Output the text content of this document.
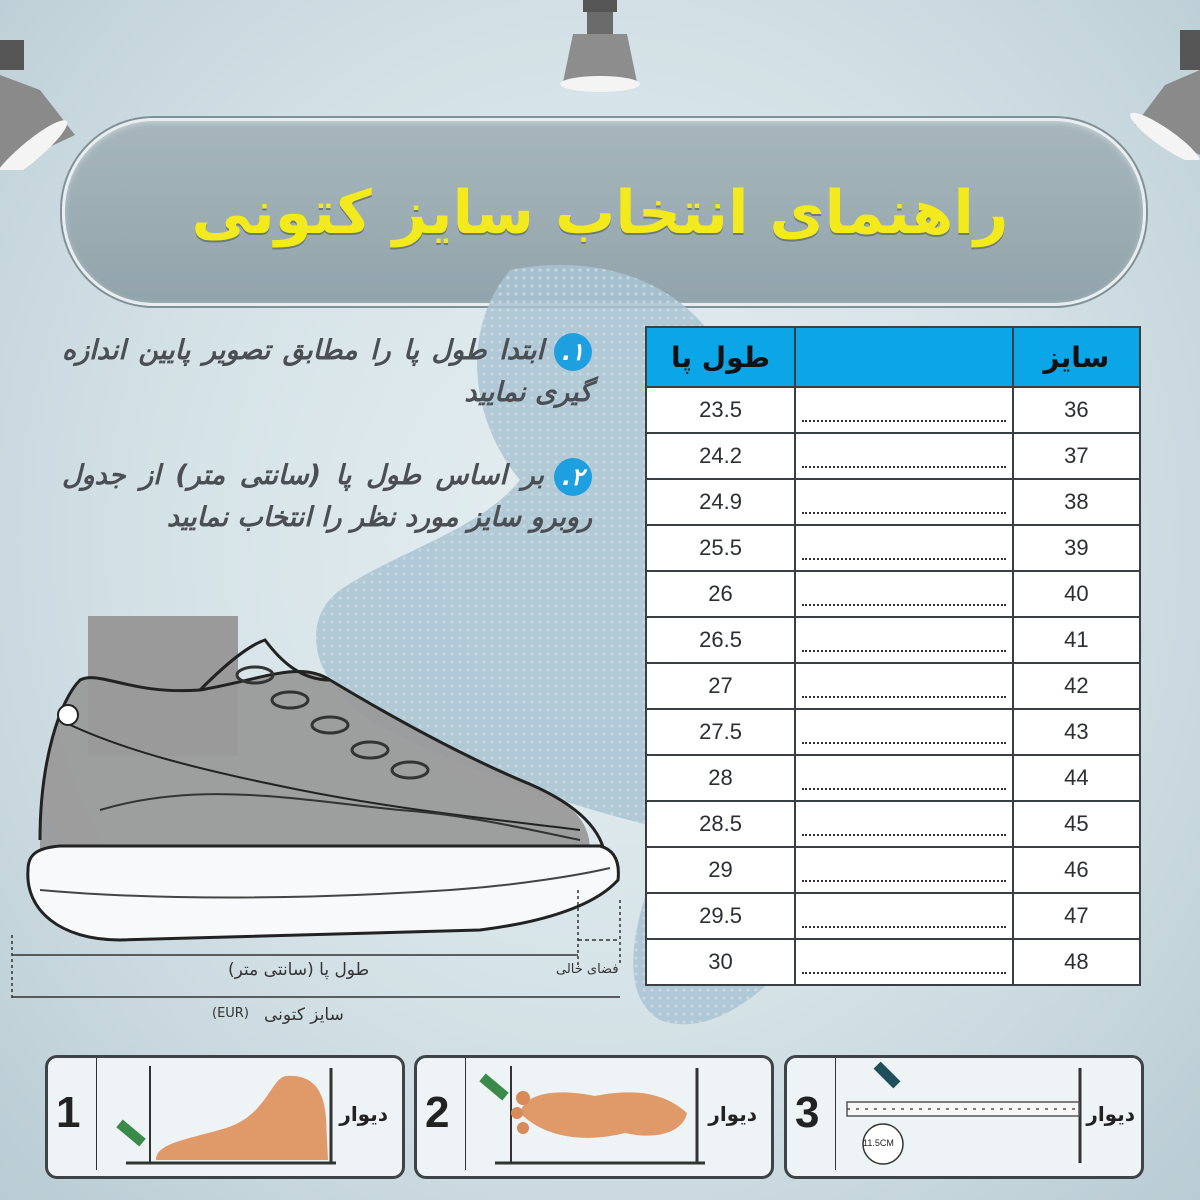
راهنمای انتخاب سایز کتونی
۱.ابتدا طول پا را مطابق تصویر پایین اندازه گیری نمایید
۲.بر اساس طول پا (سانتی متر) از جدول روبرو سایز مورد نظر را انتخاب نمایید
طول پا		سایز
23.5		36
24.2		37
24.9		38
25.5		39
26		40
26.5		41
27		42
27.5		43
28		44
28.5		45
29		46
29.5		47
30		48
طول پا (سانتی متر)	فضای خالی
سایز کتونی
(EUR)
1	دیوار 2	دیوار 3
11.5CM
دیوار
